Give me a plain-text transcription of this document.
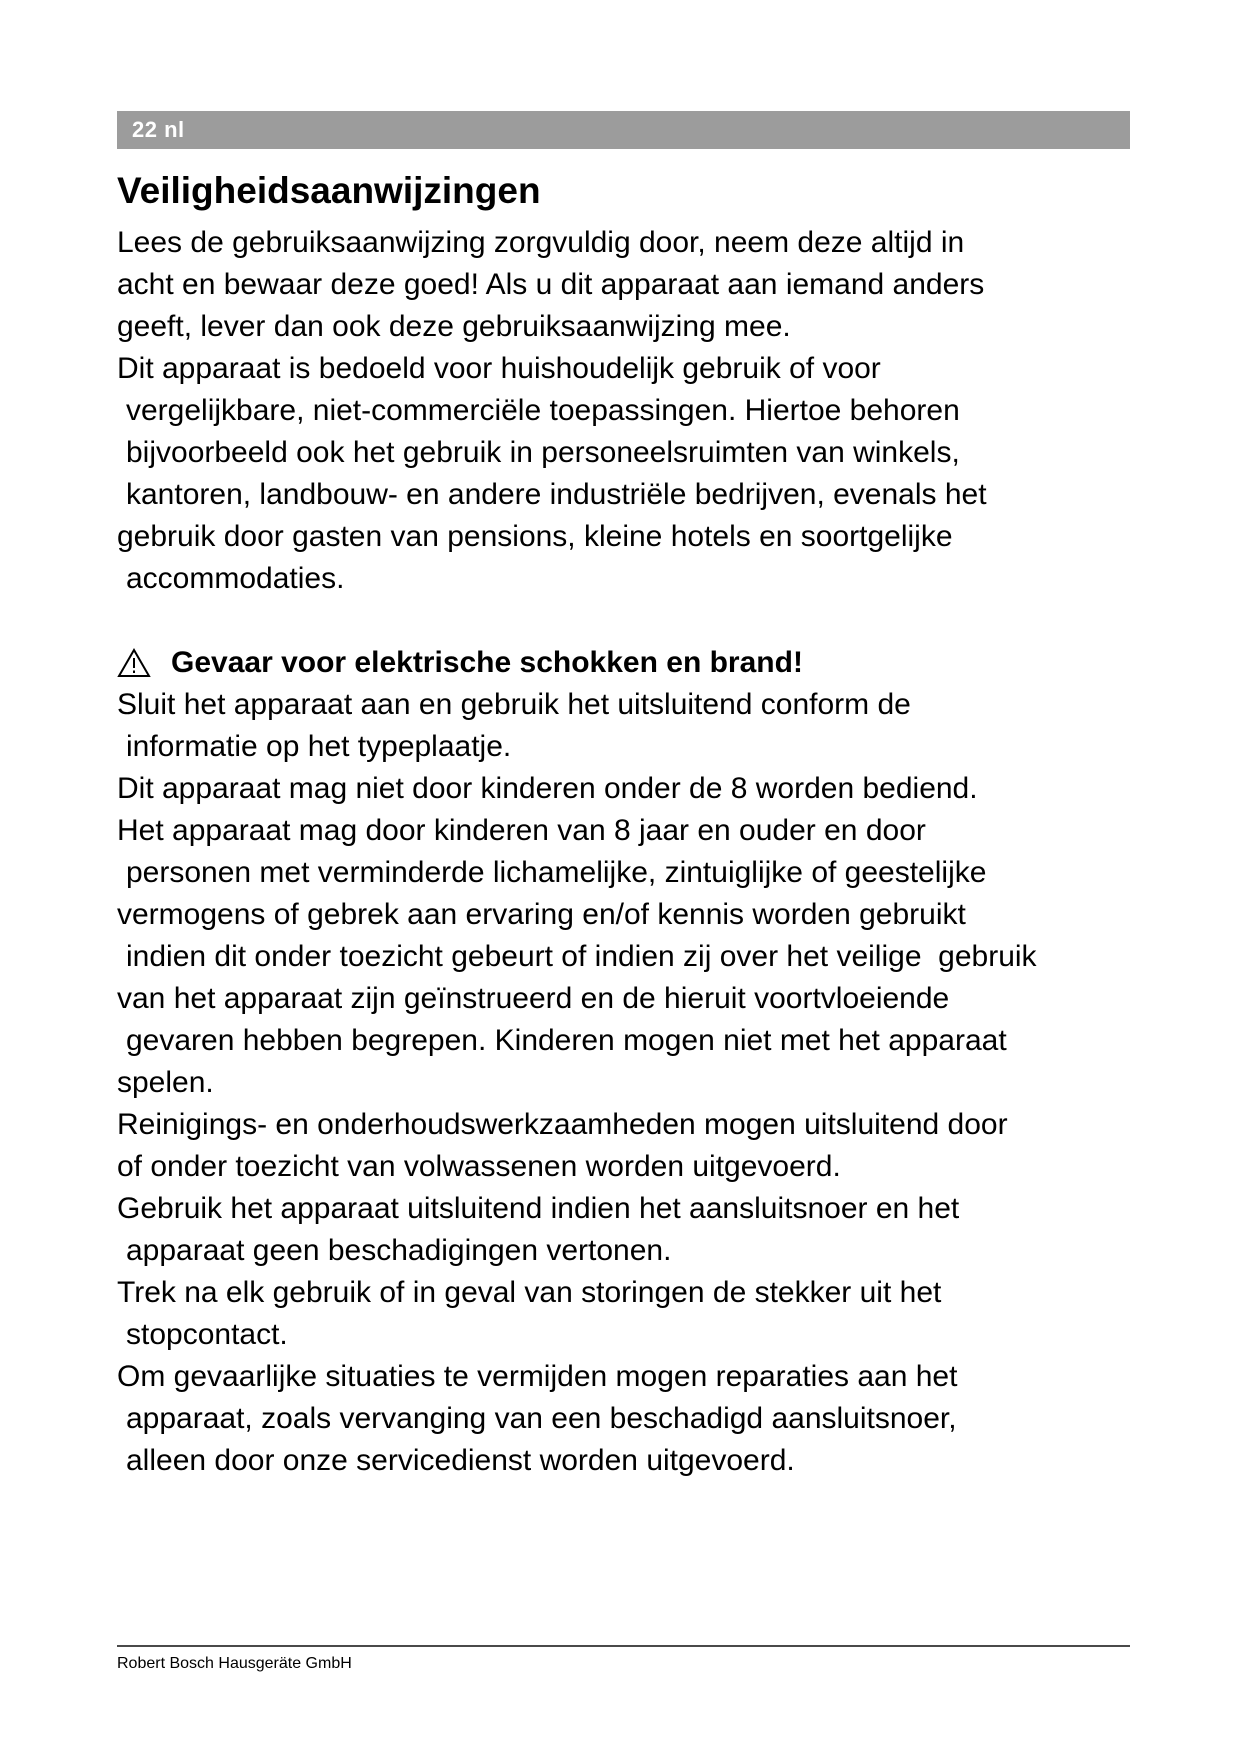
22 nl
Veiligheidsaanwijzingen
Lees de gebruiksaanwijzing zorgvuldig door, neem deze altijd in
acht en bewaar deze goed! Als u dit apparaat aan iemand anders
geeft, lever dan ook deze gebruiksaanwijzing mee.
Dit apparaat is bedoeld voor huishoudelijk gebruik of voor
vergelijkbare, niet-commerciële toepassingen. Hiertoe behoren
bijvoorbeeld ook het gebruik in personeelsruimten van winkels,
kantoren, landbouw- en andere industriële bedrijven, evenals het
gebruik door gasten van pensions, kleine hotels en soortgelijke
accommodaties.
Gevaar voor elektrische schokken en brand!
Sluit het apparaat aan en gebruik het uitsluitend conform de
informatie op het typeplaatje.
Dit apparaat mag niet door kinderen onder de 8 worden bediend.
Het apparaat mag door kinderen van 8 jaar en ouder en door
personen met verminderde lichamelijke, zintuiglijke of geestelijke
vermogens of gebrek aan ervaring en/of kennis worden gebruikt
indien dit onder toezicht gebeurt of indien zij over het veilige  gebruik
van het apparaat zijn geïnstrueerd en de hieruit voortvloeiende
gevaren hebben begrepen. Kinderen mogen niet met het apparaat
spelen.
Reinigings- en onderhoudswerkzaamheden mogen uitsluitend door
of onder toezicht van volwassenen worden uitgevoerd.
Gebruik het apparaat uitsluitend indien het aansluitsnoer en het
apparaat geen beschadigingen vertonen.
Trek na elk gebruik of in geval van storingen de stekker uit het
stopcontact.
Om gevaarlijke situaties te vermijden mogen reparaties aan het
apparaat, zoals vervanging van een beschadigd aansluitsnoer,
alleen door onze servicedienst worden uitgevoerd.
Robert Bosch Hausgeräte GmbH
